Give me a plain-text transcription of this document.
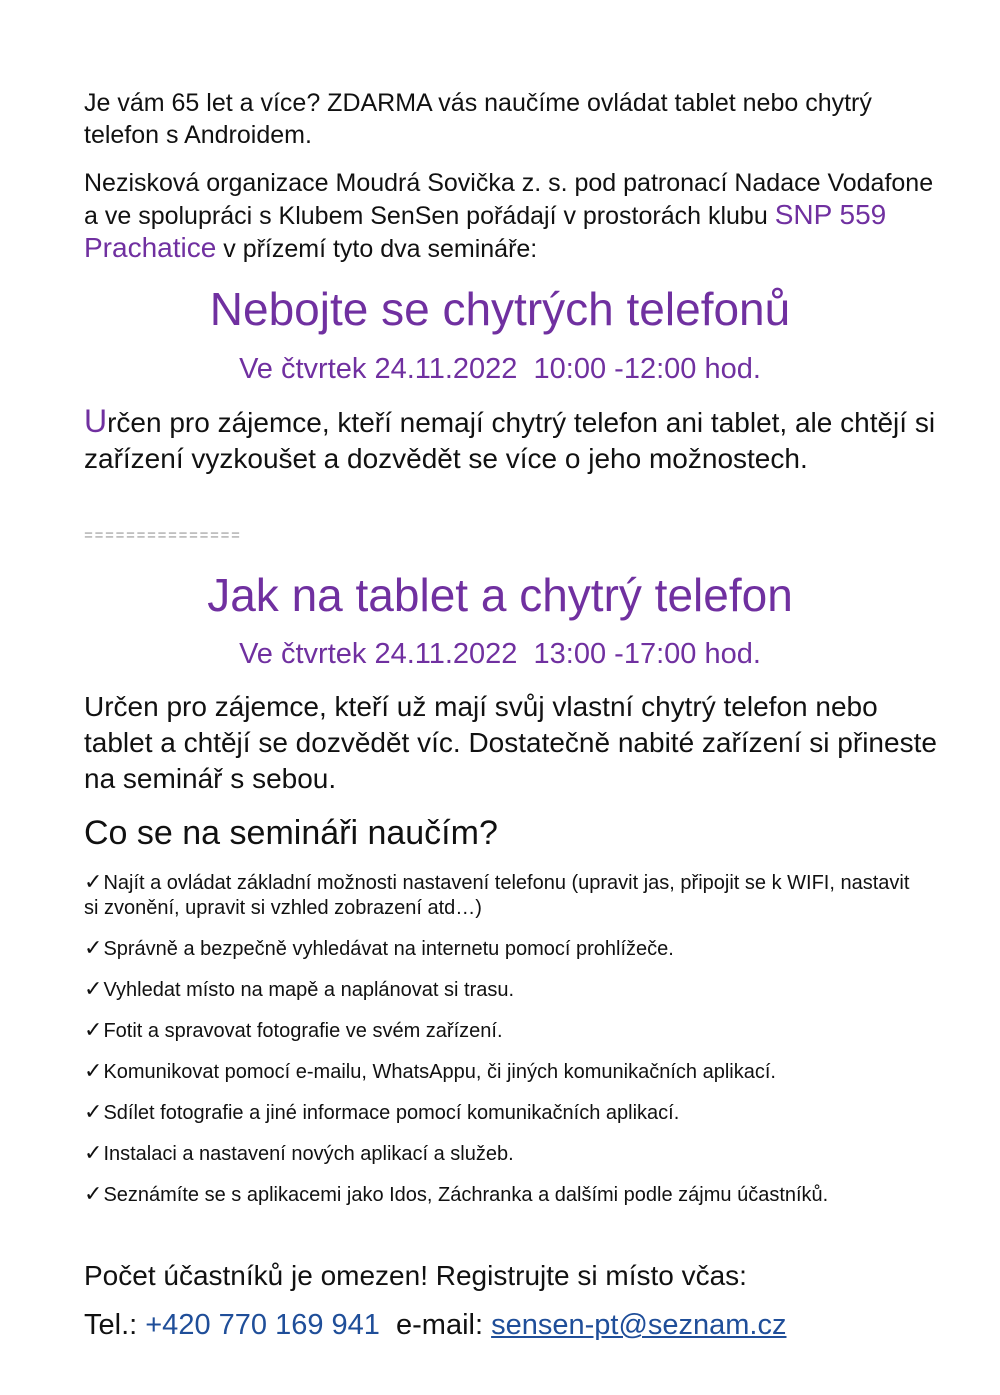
Je vám 65 let a více? ZDARMA vás naučíme ovládat tablet nebo chytrý telefon s Androidem.
Nezisková organizace Moudrá Sovička z. s. pod patronací Nadace Vodafone a ve spolupráci s Klubem SenSen pořádají v prostorách klubu SNP 559 Prachatice v přízemí tyto dva semináře:
Nebojte se chytrých telefonů
Ve čtvrtek 24.11.2022  10:00 -12:00 hod.
Určen pro zájemce, kteří nemají chytrý telefon ani tablet, ale chtějí si zařízení vyzkoušet a dozvědět se více o jeho možnostech.
===============
Jak na tablet a chytrý telefon
Ve čtvrtek 24.11.2022  13:00 -17:00 hod.
Určen pro zájemce, kteří už mají svůj vlastní chytrý telefon nebo tablet a chtějí se dozvědět víc. Dostatečně nabité zařízení si přineste na seminář s sebou.
Co se na semináři naučím?
✓Najít a ovládat základní možnosti nastavení telefonu (upravit jas, připojit se k WIFI, nastavit si zvonění, upravit si vzhled zobrazení atd…)
✓Správně a bezpečně vyhledávat na internetu pomocí prohlížeče.
✓Vyhledat místo na mapě a naplánovat si trasu.
✓Fotit a spravovat fotografie ve svém zařízení.
✓Komunikovat pomocí e-mailu, WhatsAppu, či jiných komunikačních aplikací.
✓Sdílet fotografie a jiné informace pomocí komunikačních aplikací.
✓Instalaci a nastavení nových aplikací a služeb.
✓Seznámíte se s aplikacemi jako Idos, Záchranka a dalšími podle zájmu účastníků.
Počet účastníků je omezen! Registrujte si místo včas:
Tel.: +420 770 169 941  e-mail: sensen-pt@seznam.cz
